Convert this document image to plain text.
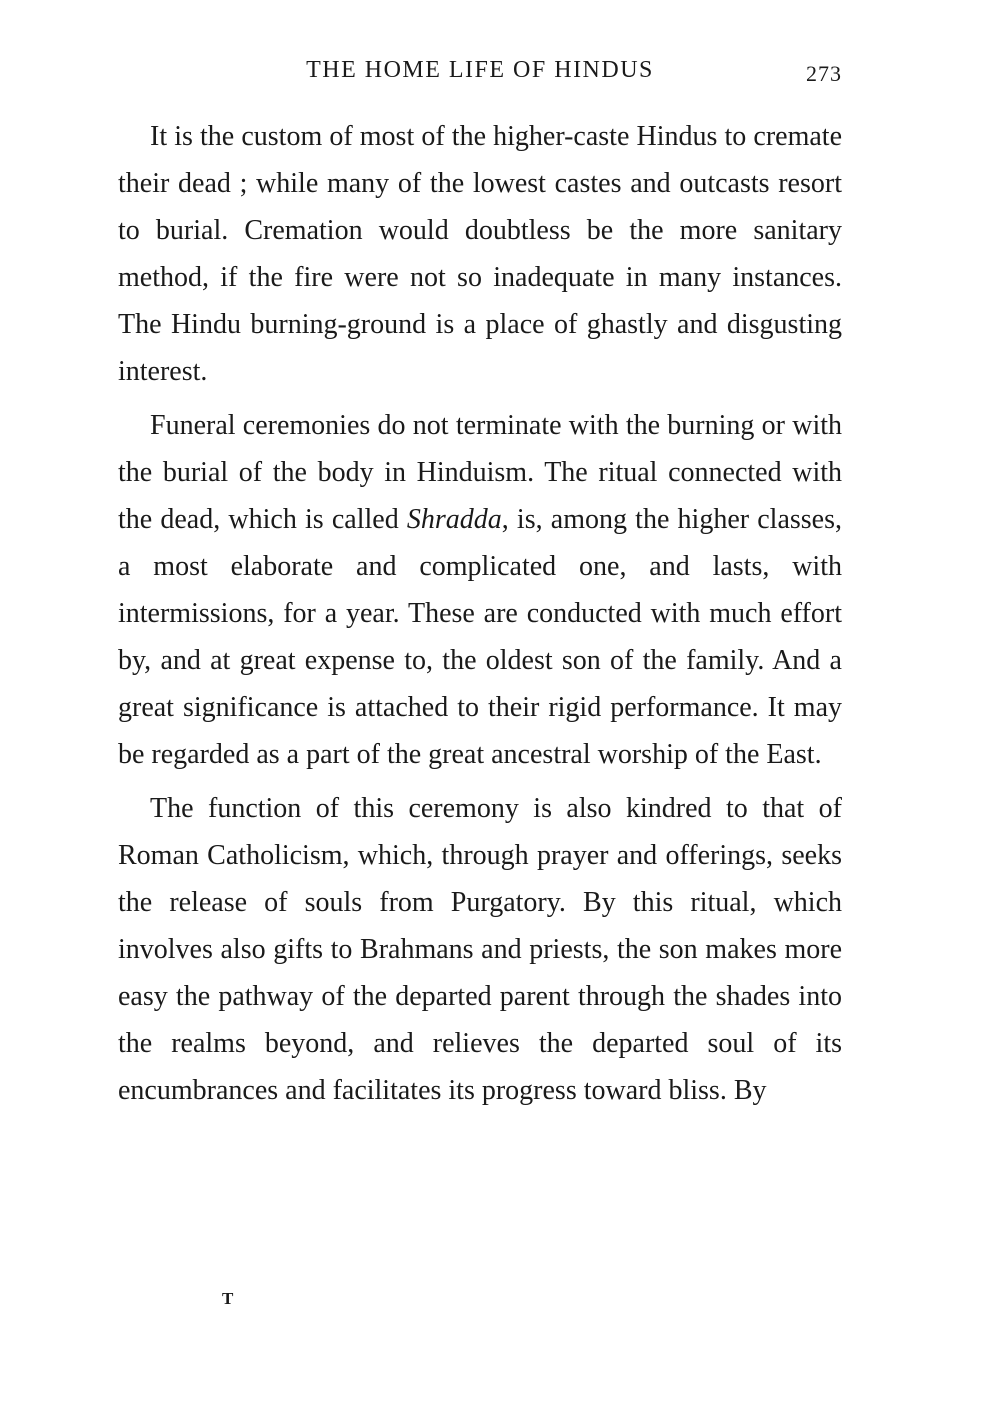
THE HOME LIFE OF HINDUS	273

It is the custom of most of the higher-caste Hindus to cremate their dead ; while many of the lowest castes and outcasts resort to burial. Cremation would doubtless be the more sanitary method, if the fire were not so inadequate in many instances. The Hindu burning-ground is a place of ghastly and disgusting interest.

Funeral ceremonies do not terminate with the burning or with the burial of the body in Hinduism. The ritual connected with the dead, which is called Shradda, is, among the higher classes, a most elaborate and complicated one, and lasts, with intermissions, for a year. These are conducted with much effort by, and at great expense to, the oldest son of the family. And a great significance is attached to their rigid performance. It may be regarded as a part of the great ancestral worship of the East.

The function of this ceremony is also kindred to that of Roman Catholicism, which, through prayer and offerings, seeks the release of souls from Purgatory. By this ritual, which involves also gifts to Brahmans and priests, the son makes more easy the pathway of the departed parent through the shades into the realms beyond, and relieves the departed soul of its encumbrances and facilitates its progress toward bliss. By

T
